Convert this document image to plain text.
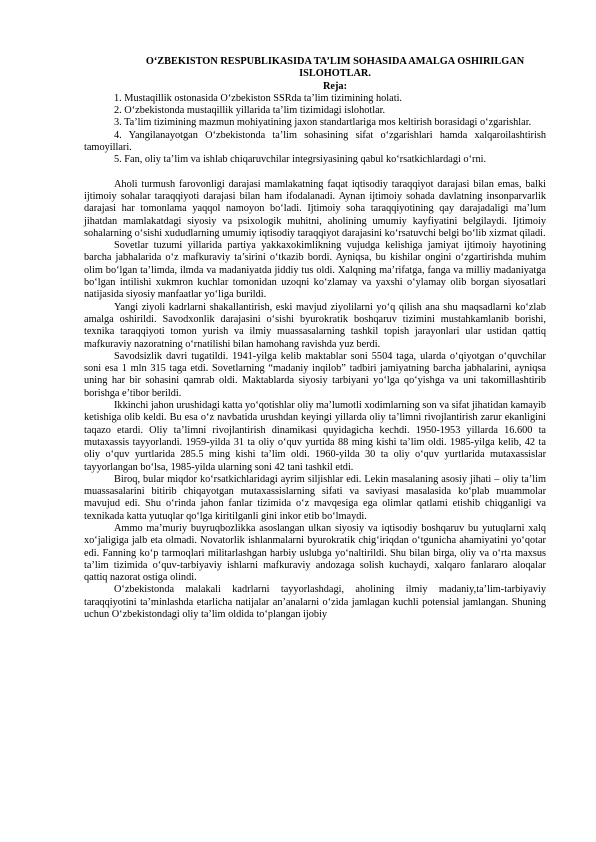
O‘ZBEKISTON RESPUBLIKASIDA TA’LIM SOHASIDA AMALGA OSHIRILGAN ISLOHOTLAR.

Reja:

1. Mustaqillik ostonasida O‘zbekiston SSRda ta’lim tizimining holati.
2. O‘zbekistonda mustaqillik yillarida ta’lim tizimidagi islohotlar.
3. Ta’lim tizimining mazmun mohiyatining jaxon standartlariga mos keltirish borasidagi o‘zgarishlar.
4. Yangilanayotgan O‘zbekistonda ta’lim sohasining sifat o‘zgarishlari hamda xalqaroilashtirish tamoyillari.
5. Fan, oliy ta’lim va ishlab chiqaruvchilar integrsiyasining qabul ko‘rsatkichlardagi o‘rni.

Aholi turmush farovonligi darajasi mamlakatning faqat iqtisodiy taraqqiyot darajasi bilan emas, balki ijtimoiy sohalar taraqqiyoti darajasi bilan ham ifodalanadi. Aynan ijtimoiy sohada davlatning insonparvarlik darajasi har tomonlama yaqqol namoyon bo‘ladi. Ijtimoiy soha taraqqiyotining qay darajadaligi ma’lum jihatdan mamlakatdagi siyosiy va psixologik muhitni, aholining umumiy kayfiyatini belgilaydi. Ijtimoiy sohalarning o‘sishi xududlarning umumiy iqtisodiy taraqqiyot darajasini ko‘rsatuvchi belgi bo‘lib xizmat qiladi.

Sovetlar tuzumi yillarida partiya yakkaxokimlikning vujudga kelishiga jamiyat ijtimoiy hayotining barcha jabhalarida o‘z mafkuraviy ta’sirini o‘tkazib bordi. Ayniqsa, bu kishilar ongini o‘zgartirishda muhim olim bo‘lgan ta’limda, ilmda va madaniyatda jiddiy tus oldi. Xalqning ma’rifatga, fanga va milliy madaniyatga bo‘lgan intilishi xukmron kuchlar tomonidan uzoqni ko‘zlamay va yaxshi o‘ylamay olib borgan siyosatlari natijasida siyosiy manfaatlar yo‘liga burildi.

Yangi ziyoli kadrlarni shakallantirish, eski mavjud ziyolilarni yo‘q qilish ana shu maqsadlarni ko‘zlab amalga oshirildi. Savodxonlik darajasini o‘sishi byurokratik boshqaruv tizimini mustahkamlanib borishi, texnika taraqqiyoti tomon yurish va ilmiy muassasalarning tashkil topish jarayonlari ular ustidan qattiq mafkuraviy nazoratning o‘rnatilishi bilan hamohang ravishda yuz berdi.

Savodsizlik davri tugatildi. 1941-yilga kelib maktablar soni 5504 taga, ularda o‘qiyotgan o‘quvchilar soni esa 1 mln 315 taga etdi. Sovetlarning “madaniy inqilob” tadbiri jamiyatning barcha jabhalarini, ayniqsa uning har bir sohasini qamrab oldi. Maktablarda siyosiy tarbiyani yo‘lga qo‘yishga va uni takomillashtirib borishga e’tibor berildi.

Ikkinchi jahon urushidagi katta yo‘qotishlar oliy ma’lumotli xodimlarning son va sifat jihatidan kamayib ketishiga olib keldi. Bu esa o‘z navbatida urushdan keyingi yillarda oliy ta’limni rivojlantirish zarur ekanligini taqazo etardi. Oliy ta’limni rivojlantirish dinamikasi quyidagicha kechdi. 1950-1953 yillarda 16.600 ta mutaxassis tayyorlandi. 1959-yilda 31 ta oliy o‘quv yurtida 88 ming kishi ta’lim oldi. 1985-yilga kelib, 42 ta oliy o‘quv yurtlarida 285.5 ming kishi ta’lim oldi. 1960-yilda 30 ta oliy o‘quv yurtlarida mutaxassislar tayyorlangan bo‘lsa, 1985-yilda ularning soni 42 tani tashkil etdi.

Biroq, bular miqdor ko‘rsatkichlaridagi ayrim siljishlar edi. Lekin masalaning asosiy jihati – oliy ta’lim muassasalarini bitirib chiqayotgan mutaxassislarning sifati va saviyasi masalasida ko‘plab muammolar mavujud edi. Shu o‘rinda jahon fanlar tizimida o‘z mavqesiga ega olimlar qatlami etishib chiqganligi va texnikada katta yutuqlar qo‘lga kiritilganli gini inkor etib bo‘lmaydi.

Ammo ma’muriy buyruqbozlikka asoslangan ulkan siyosiy va iqtisodiy boshqaruv bu yutuqlarni xalq xo‘jaligiga jalb eta olmadi. Novatorlik ishlanmalarni byurokratik chig‘iriqdan o‘tgunicha ahamiyatini yo‘qotar edi. Fanning ko‘p tarmoqlari militarlashgan harbiy uslubga yo‘naltirildi. Shu bilan birga, oliy va o‘rta maxsus ta’lim tizimida o‘quv-tarbiyaviy ishlarni mafkuraviy andozaga solish kuchaydi, xalqaro fanlararo aloqalar qattiq nazorat ostiga olindi.

O‘zbekistonda malakali kadrlarni tayyorlashdagi, aholining ilmiy madaniy,ta’lim-tarbiyaviy taraqqiyotini ta’minlashda etarlicha natijalar an’analarni o‘zida jamlagan kuchli potensial jamlangan. Shuning uchun O‘zbekistondagi oliy ta’lim oldida to‘plangan ijobiy
